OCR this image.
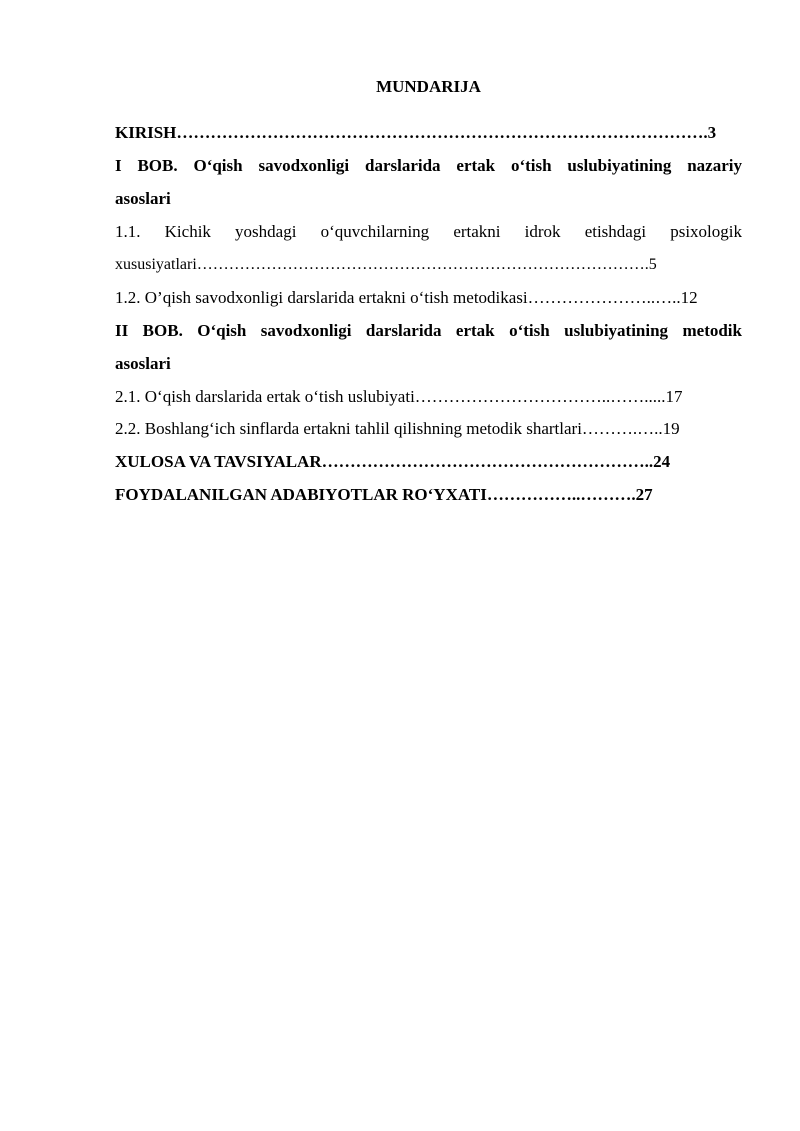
MUNDARIJA
KIRISH………………………………………………………………………………….3
I BOB. O‘qish savodxonligi darslarida ertak o‘tish uslubiyatining nazariy
asoslari
1.1. Kichik yoshdagi o‘quvchilarning ertakni idrok etishdagi psixologik
xususiyatlari………………………………………………………………………….5
1.2. O’qish savodxonligi darslarida ertakni o‘tish metodikasi…………………..…..12
II BOB. O‘qish savodxonligi darslarida ertak o‘tish uslubiyatining metodik
asoslari
2.1. O‘qish darslarida ertak o‘tish uslubiyati……………………………..…….....17
2.2. Boshlang‘ich sinflarda ertakni tahlil qilishning metodik shartlari……….…..19
XULOSA VA TAVSIYALAR…………………………………………………..24
FOYDALANILGAN ADABIYOTLAR RO‘YXATI……………..……….27
